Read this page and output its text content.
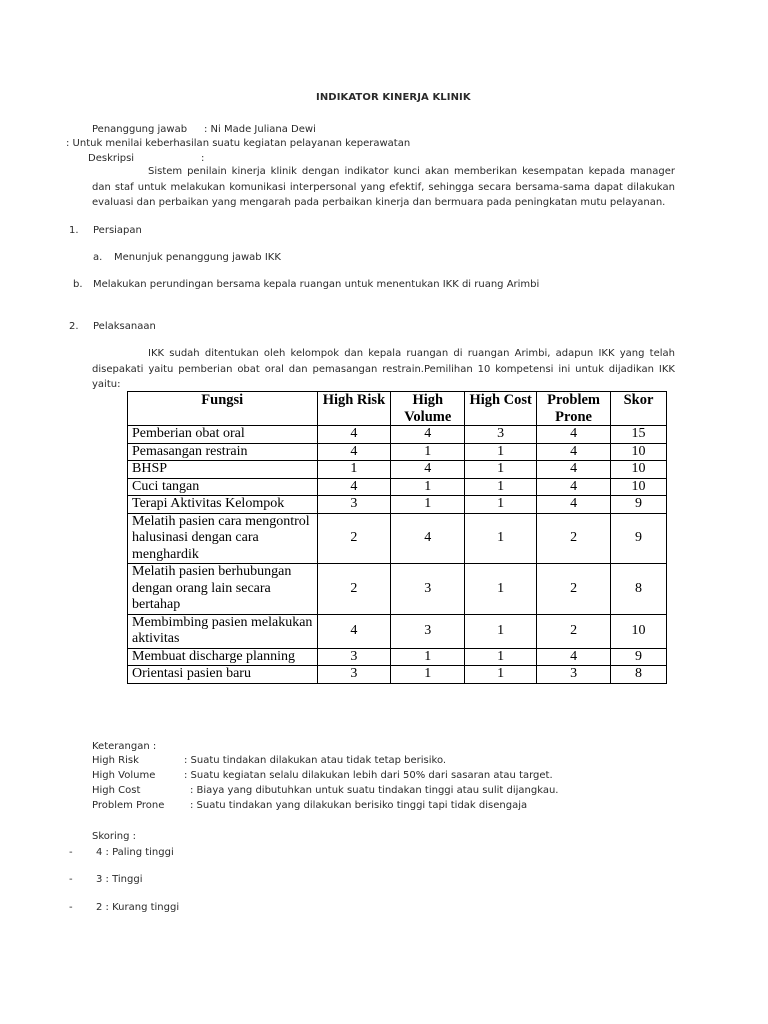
INDIKATOR KINERJA KLINIK
Penanggung jawab : Ni Made Juliana Dewi
: Untuk menilai keberhasilan suatu kegiatan pelayanan keperawatan
Deskripsi	:
Sistem penilain kinerja klinik dengan indikator kunci akan memberikan kesempatan kepada manager dan staf untuk melakukan komunikasi interpersonal yang efektif, sehingga secara bersama-sama dapat dilakukan evaluasi dan perbaikan yang mengarah pada perbaikan kinerja dan bermuara pada peningkatan mutu pelayanan.
1. Persiapan
a. Menunjuk penanggung jawab IKK
b. Melakukan perundingan bersama kepala ruangan untuk menentukan IKK di ruang Arimbi
2. Pelaksanaan
IKK sudah ditentukan oleh kelompok dan kepala ruangan di ruangan Arimbi, adapun IKK yang telah disepakati yaitu pemberian obat oral dan pemasangan restrain.Pemilihan 10 kompetensi ini untuk dijadikan IKK yaitu:
Fungsi	High Risk	High Volume	High Cost	Problem Prone	Skor
Pemberian obat oral	4	4	3	4	15
Pemasangan restrain	4	1	1	4	10
BHSP	1	4	1	4	10
Cuci tangan	4	1	1	4	10
Terapi Aktivitas Kelompok	3	1	1	4	9
Melatih pasien cara mengontrol halusinasi dengan cara menghardik	2	4	1	2	9
Melatih pasien berhubungan dengan orang lain secara bertahap	2	3	1	2	8
Membimbing pasien melakukan aktivitas	4	3	1	2	10
Membuat discharge planning	3	1	1	4	9
Orientasi pasien baru	3	1	1	3	8
Keterangan :
High Risk	: Suatu tindakan dilakukan atau tidak tetap berisiko.
High Volume	: Suatu kegiatan selalu dilakukan lebih dari 50% dari sasaran atau target.
High Cost	: Biaya yang dibutuhkan untuk suatu tindakan tinggi atau sulit dijangkau.
Problem Prone	: Suatu tindakan yang dilakukan berisiko tinggi tapi tidak disengaja
Skoring :
- 4 : Paling tinggi
- 3 : Tinggi
- 2 : Kurang tinggi
